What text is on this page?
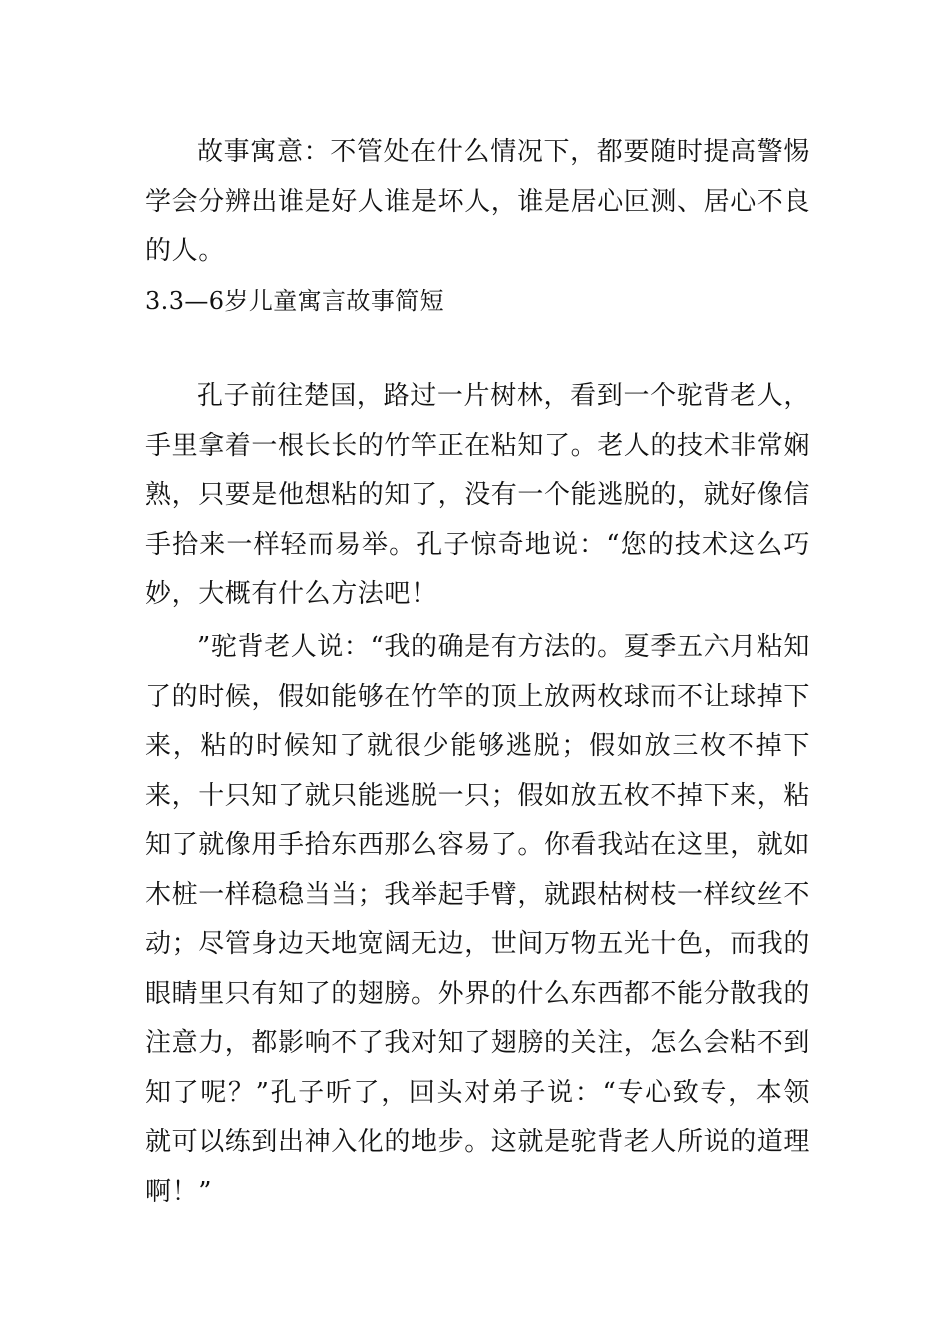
故事寓意：不管处在什么情况下，都要随时提高警惕学会分辨出谁是好人谁是坏人，谁是居心叵测、居心不良的人。

3.3—6岁儿童寓言故事简短

孔子前往楚国，路过一片树林，看到一个驼背老人，手里拿着一根长长的竹竿正在粘知了。老人的技术非常娴熟，只要是他想粘的知了，没有一个能逃脱的，就好像信手拾来一样轻而易举。孔子惊奇地说：“您的技术这么巧妙，大概有什么方法吧！

”驼背老人说：“我的确是有方法的。夏季五六月粘知了的时候，假如能够在竹竿的顶上放两枚球而不让球掉下来，粘的时候知了就很少能够逃脱；假如放三枚不掉下来，十只知了就只能逃脱一只；假如放五枚不掉下来，粘知了就像用手拾东西那么容易了。你看我站在这里，就如木桩一样稳稳当当；我举起手臂，就跟枯树枝一样纹丝不动；尽管身边天地宽阔无边，世间万物五光十色，而我的眼睛里只有知了的翅膀。外界的什么东西都不能分散我的注意力，都影响不了我对知了翅膀的关注，怎么会粘不到知了呢？”孔子听了，回头对弟子说：“专心致专，本领就可以练到出神入化的地步。这就是驼背老人所说的道理啊！”
